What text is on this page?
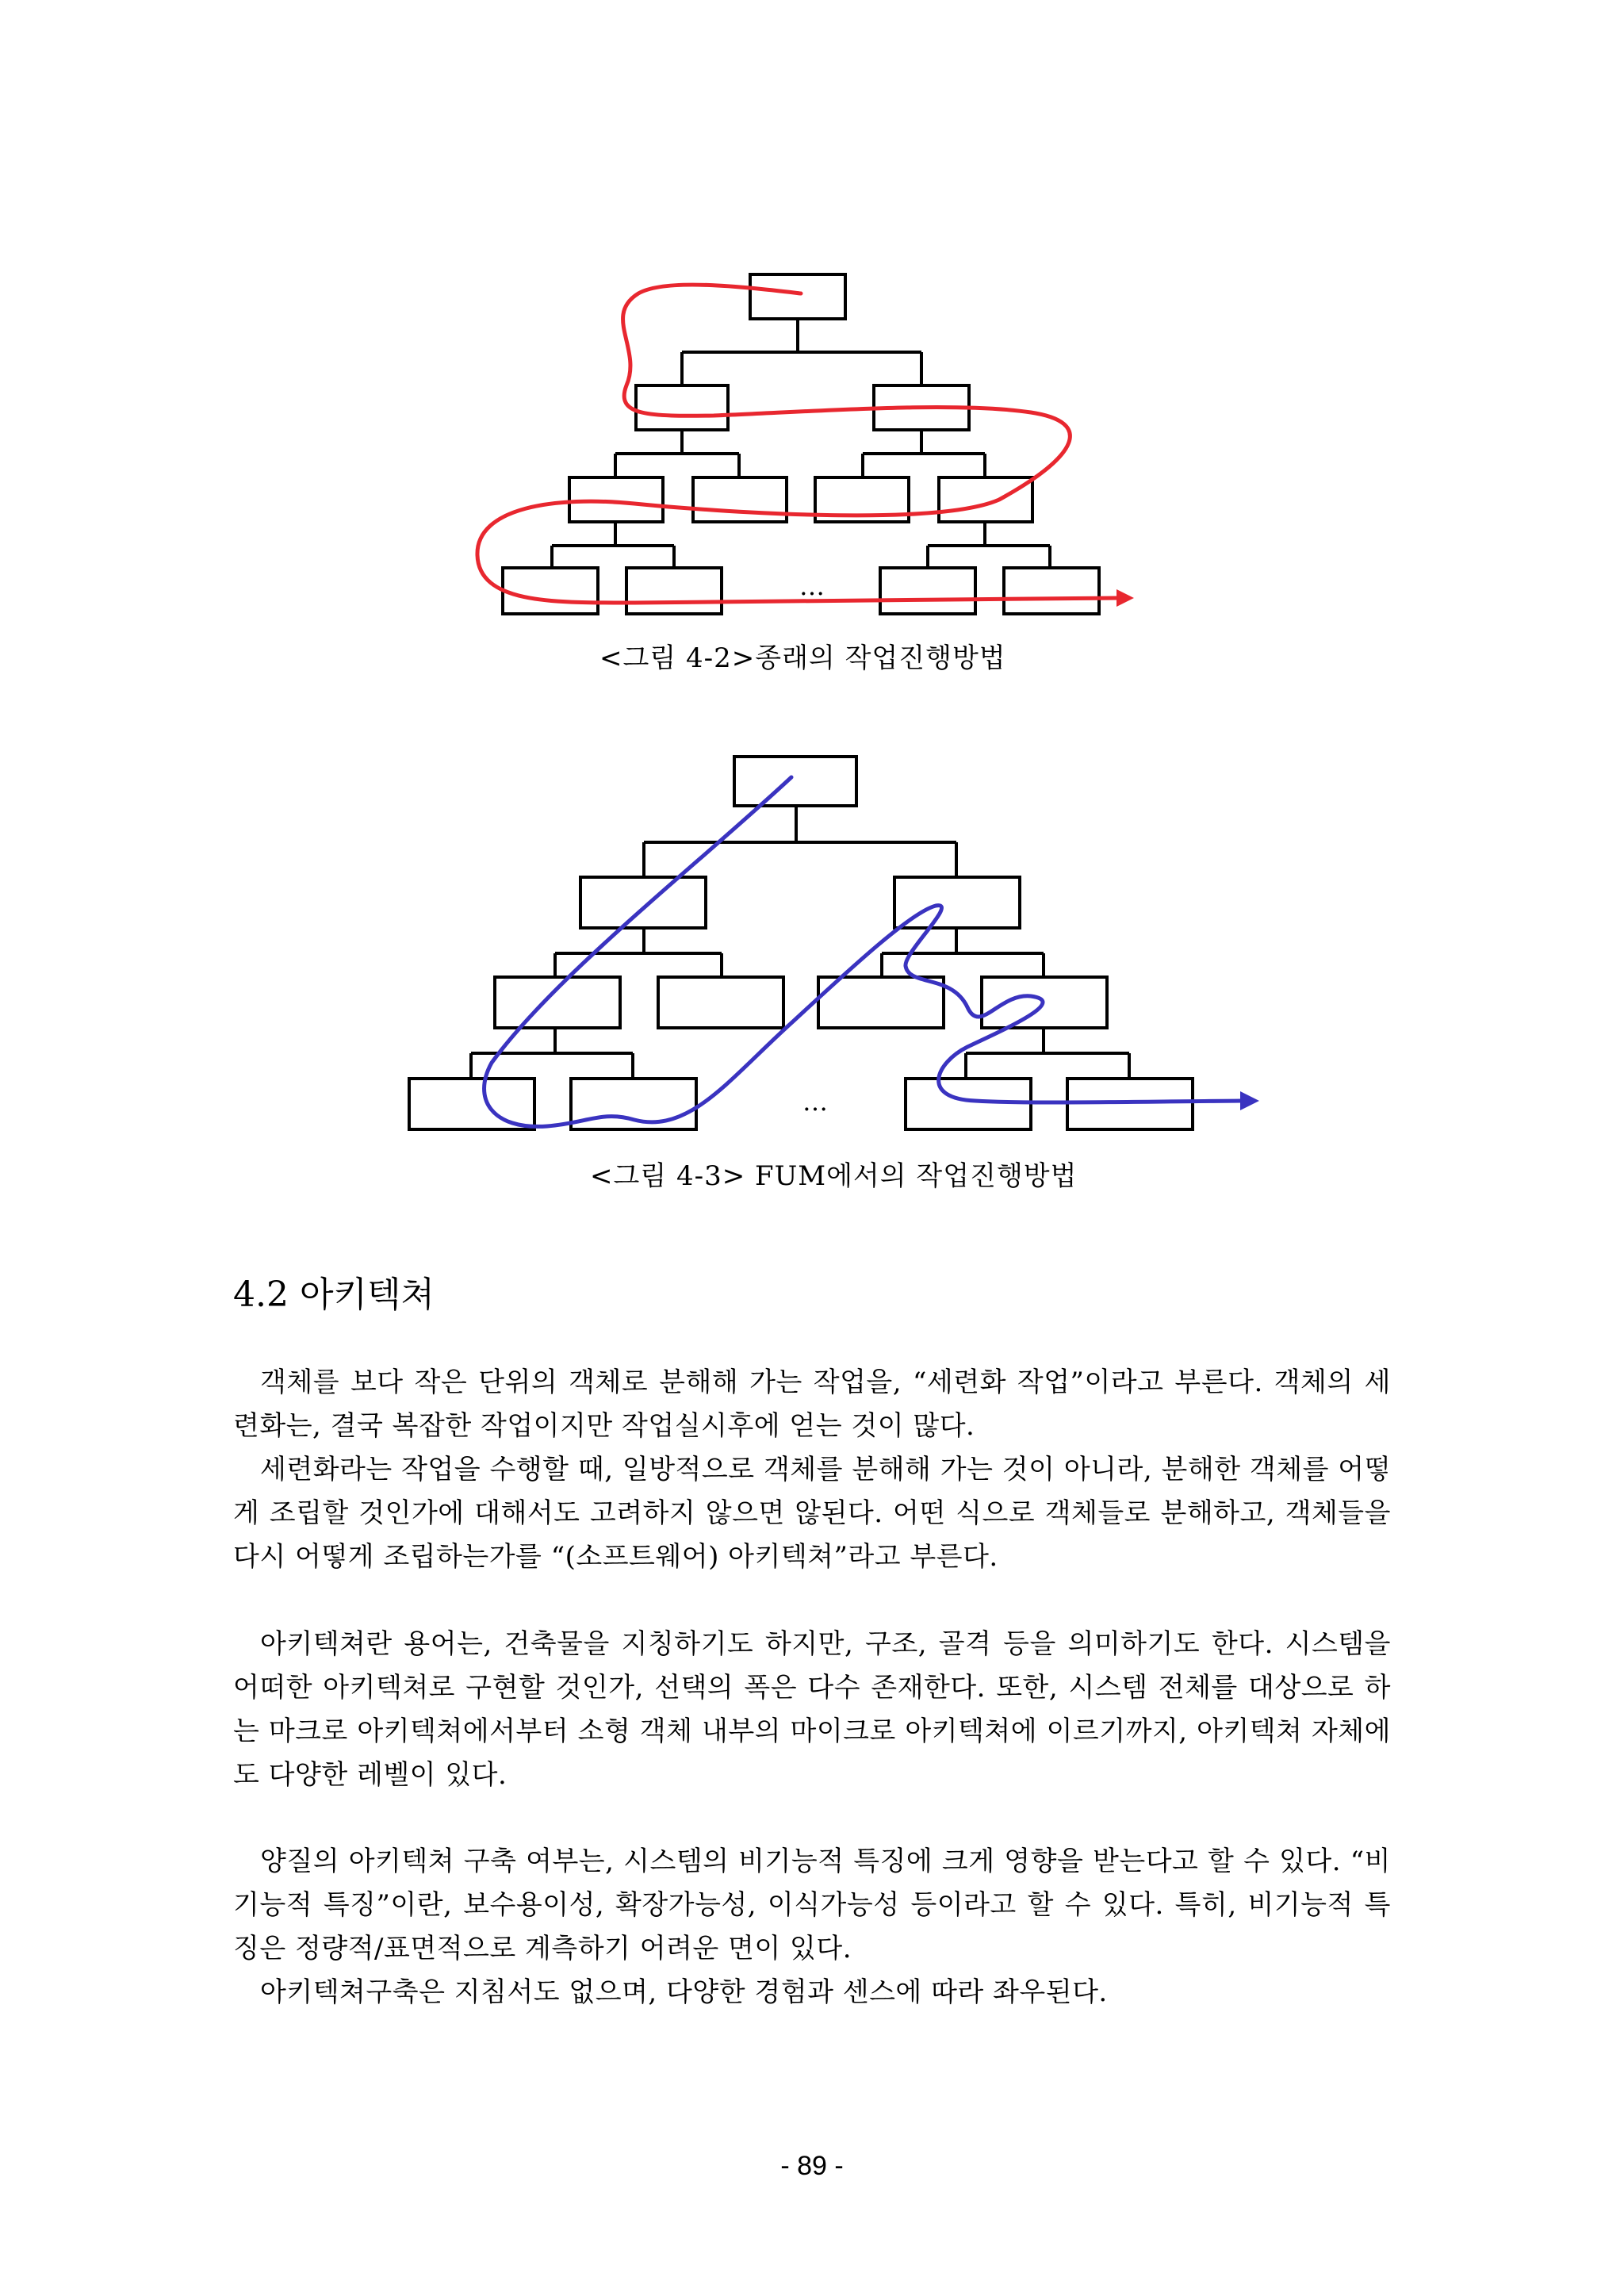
…
<그림 4-2>종래의 작업진행방법
…
<그림 4-3> FUM에서의 작업진행방법
4.2 아키텍쳐

객체를 보다 작은 단위의 객체로 분해해 가는 작업을, “세련화 작업”이라고 부른다. 객체의 세련화는, 결국 복잡한 작업이지만 작업실시후에 얻는 것이 많다.

세련화라는 작업을 수행할 때, 일방적으로 객체를 분해해 가는 것이 아니라, 분해한 객체를 어떻게 조립할 것인가에 대해서도 고려하지 않으면 않된다. 어떤 식으로 객체들로 분해하고, 객체들을 다시 어떻게 조립하는가를 “(소프트웨어) 아키텍쳐”라고 부른다.

아키텍쳐란 용어는, 건축물을 지칭하기도 하지만, 구조, 골격 등을 의미하기도 한다. 시스템을 어떠한 아키텍쳐로 구현할 것인가, 선택의 폭은 다수 존재한다. 또한, 시스템 전체를 대상으로 하는 마크로 아키텍쳐에서부터 소형 객체 내부의 마이크로 아키텍쳐에 이르기까지, 아키텍쳐 자체에도 다양한 레벨이 있다.

양질의 아키텍쳐 구축 여부는, 시스템의 비기능적 특징에 크게 영향을 받는다고 할 수 있다. “비기능적 특징”이란, 보수용이성, 확장가능성, 이식가능성 등이라고 할 수 있다. 특히, 비기능적 특징은 정량적/표면적으로 계측하기 어려운 면이 있다.

아키텍쳐구축은 지침서도 없으며, 다양한 경험과 센스에 따라 좌우된다.

- 89 -
